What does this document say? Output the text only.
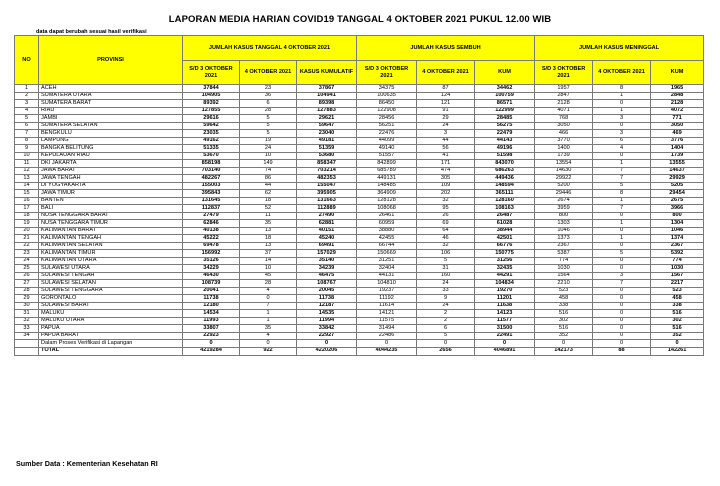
LAPORAN MEDIA HARIAN COVID19 TANGGAL 4 OKTOBER 2021 PUKUL 12.00 WIB
data dapat berubah sesuai hasil verifikasi
NO	PROVINSI	JUMLAH KASUS TANGGAL 4 OKTOBER 2021			JUMLAH KASUS SEMBUH			JUMLAH KASUS MENINGGAL		
		S/D 3 OKTOBER 2021	4 OKTOBER 2021	KASUS KUMULATIF	S/D 3 OKTOBER 2021	4 OKTOBER 2021	KUM	S/D 3 OKTOBER 2021	4 OKTOBER 2021	KUM
1	ACEH	37844	23	37867	34375	87	34462	1957	8	1965
2	SUMATERA UTARA	104905	36	104941	100635	124	100759	2847	1	2848
3	SUMATERA BARAT	89392	6	89398	86450	121	86571	2128	0	2128
4	RIAU	127855	28	127883	122908	91	122999	4071	1	4072
5	JAMBI	29616	5	29621	28456	29	28485	768	3	771
6	SUMATERA SELATAN	59642	5	59647	56251	24	56275	3050	0	3050
7	BENGKULU	23035	5	23040	22476	3	22479	466	3	469
8	LAMPUNG	49162	19	49181	44099	44	44143	3770	6	3776
9	BANGKA BELITUNG	51335	24	51359	49140	56	49196	1400	4	1404
10	KEPULAUAN RIAU	53670	10	53680	51557	41	51598	1739	0	1739
11	DKI JAKARTA	858198	149	858347	842899	171	843070	13554	1	13555
12	JAWA BARAT	703140	74	703214	685789	474	686263	14630	7	14637
13	JAWA TENGAH	482267	86	482353	449131	305	449436	29922	7	29929
14	DI YOGYAKARTA	155003	44	155047	148485	109	148594	5200	5	5205
15	JAWA TIMUR	395843	62	395905	364909	202	365111	29446	8	29454
16	BANTEN	131645	18	131663	128128	32	128160	2674	1	2675
17	BALI	112837	52	112889	108068	95	108163	3959	7	3966
18	NUSA TENGGARA BARAT	27479	11	27490	26461	26	26487	800	0	800
19	NUSA TENGGARA TIMUR	62846	35	62881	60959	69	61028	1303	1	1304
20	KALIMANTAN BARAT	40138	13	40151	38880	64	38944	1046	0	1046
21	KALIMANTAN TENGAH	45222	18	45240	42455	46	42501	1373	1	1374
22	KALIMANTAN SELATAN	69478	13	69491	66744	32	66776	2367	0	2367
23	KALIMANTAN TIMUR	156992	37	157029	150669	106	150775	5387	5	5392
24	KALIMANTAN UTARA	35126	14	35140	31251	5	31256	774	0	774
25	SULAWESI UTARA	34229	10	34239	32404	31	32435	1030	0	1030
26	SULAWESI TENGAH	46430	45	46475	44131	160	44291	1564	3	1567
27	SULAWESI SELATAN	108739	28	108767	104810	24	104834	2210	7	2217
28	SULAWESI TENGGARA	20041	4	20045	19237	33	19270	523	0	523
29	GORONTALO	11738	0	11738	11192	9	11201	458	0	458
30	SULAWESI BARAT	12180	7	12187	11614	24	11638	338	0	338
31	MALUKU	14534	1	14535	14121	2	14123	516	0	516
32	MALUKU UTARA	11993	1	11994	11575	2	11577	302	0	302
33	PAPUA	33807	35	33842	31494	6	31500	516	0	516
34	PAPUA BARAT	22923	4	22927	22486	5	22491	352	0	352
	Dalam Proses Verifikasi di Lapangan	0	0	0	0	0	0	0	0	0
	TOTAL	4219284	922	4220206	4044235	2656	4046891	142173	88	142261
Sumber Data : Kementerian Kesehatan RI
